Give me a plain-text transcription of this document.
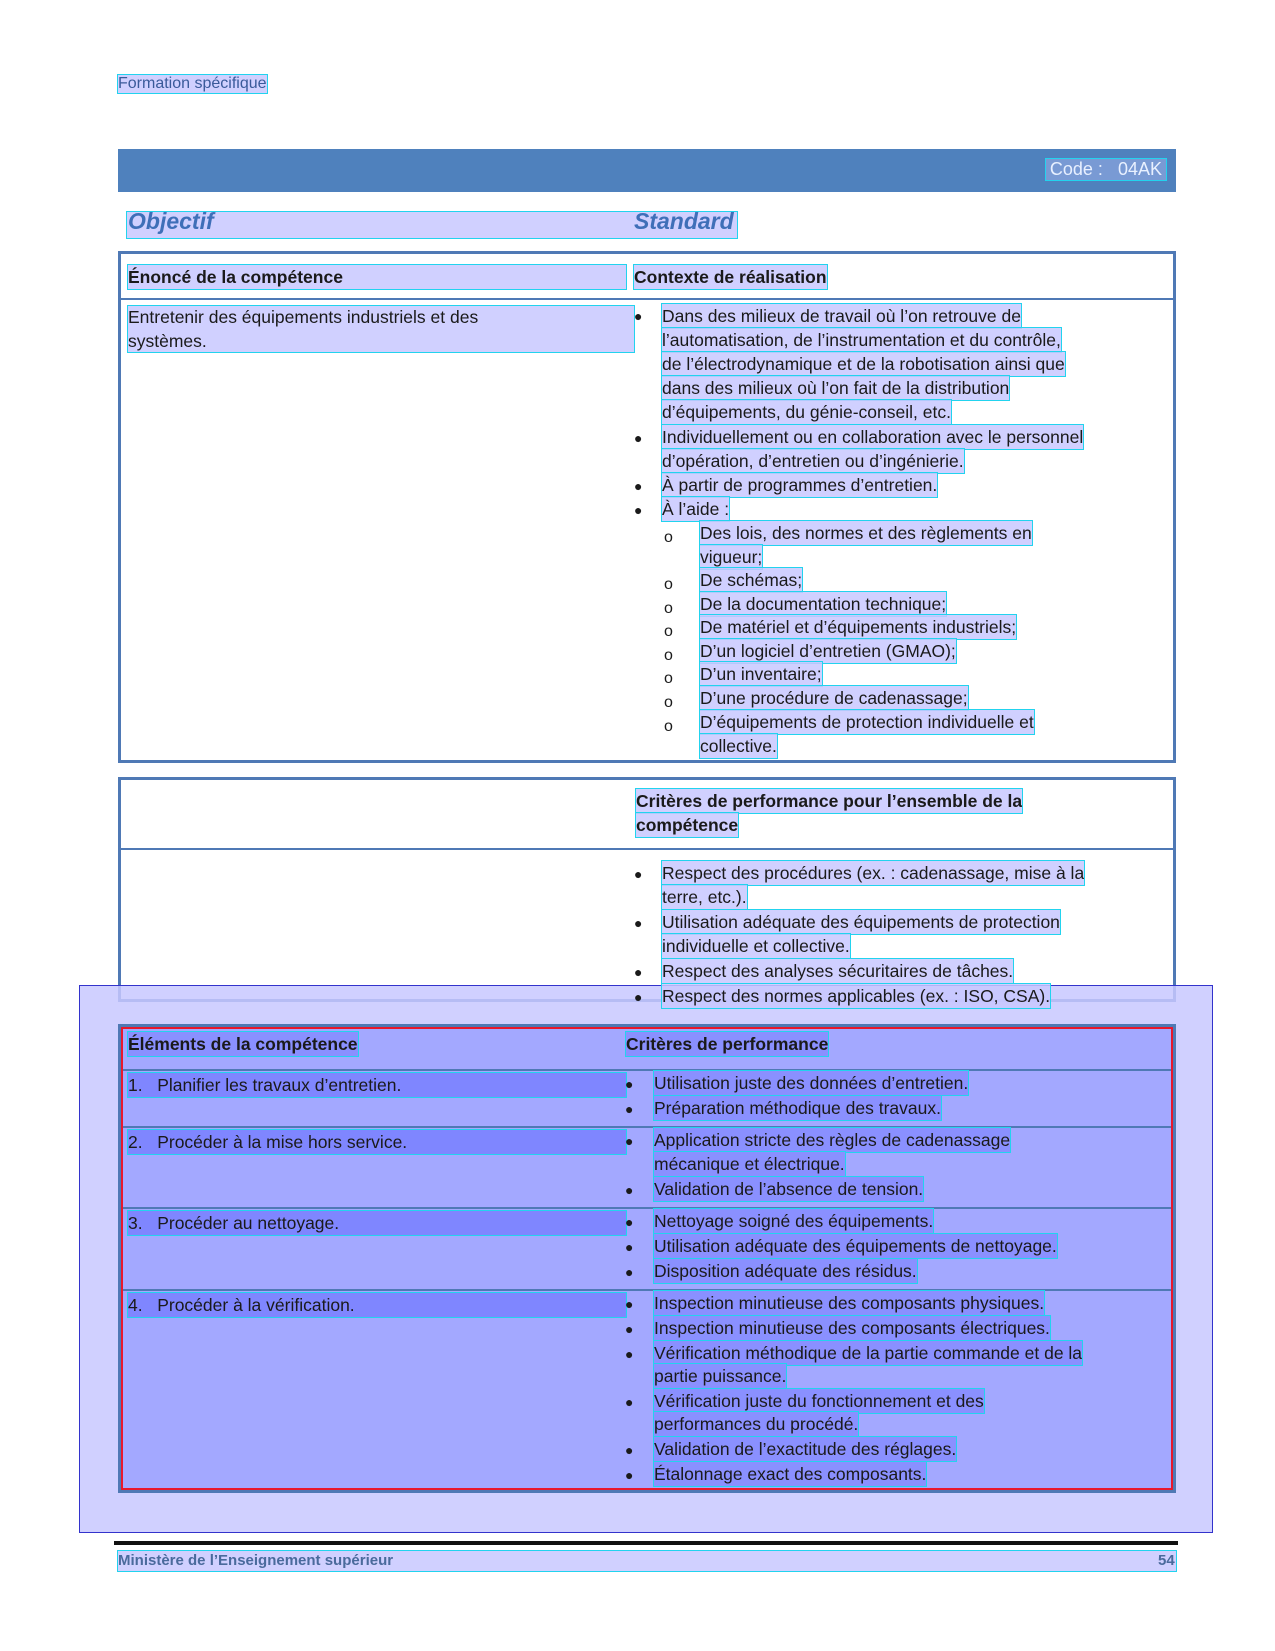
Formation spécifique
Code : 04AK
Objectif	Standard
Énoncé de la compétence	Contexte de réalisation
Entretenir des équipements industriels et des
systèmes.
● Dans des milieux de travail où l’on retrouve de
l’automatisation, de l’instrumentation et du contrôle,
de l’électrodynamique et de la robotisation ainsi que
dans des milieux où l’on fait de la distribution
d’équipements, du génie-conseil, etc.
● Individuellement ou en collaboration avec le personnel
d’opération, d’entretien ou d’ingénierie.
● À partir de programmes d’entretien.
● À l’aide :
o Des lois, des normes et des règlements en
vigueur;
o De schémas;
o De la documentation technique;
o De matériel et d’équipements industriels;
o D’un logiciel d’entretien (GMAO);
o D’un inventaire;
o D’une procédure de cadenassage;
o D’équipements de protection individuelle et
collective.
Critères de performance pour l’ensemble de la
compétence
● Respect des procédures (ex. : cadenassage, mise à la
terre, etc.).
● Utilisation adéquate des équipements de protection
individuelle et collective.
● Respect des analyses sécuritaires de tâches.
● Respect des normes applicables (ex. : ISO, CSA).
Éléments de la compétence	Critères de performance
1. Planifier les travaux d’entretien.	● Utilisation juste des données d’entretien.
● Préparation méthodique des travaux.
2. Procéder à la mise hors service.	● Application stricte des règles de cadenassage
mécanique et électrique.
● Validation de l’absence de tension.
3. Procéder au nettoyage.	● Nettoyage soigné des équipements.
● Utilisation adéquate des équipements de nettoyage.
● Disposition adéquate des résidus.
4. Procéder à la vérification.	● Inspection minutieuse des composants physiques.
● Inspection minutieuse des composants électriques.
● Vérification méthodique de la partie commande et de la
partie puissance.
● Vérification juste du fonctionnement et des
performances du procédé.
● Validation de l’exactitude des réglages.
● Étalonnage exact des composants.
Ministère de l’Enseignement supérieur	54
